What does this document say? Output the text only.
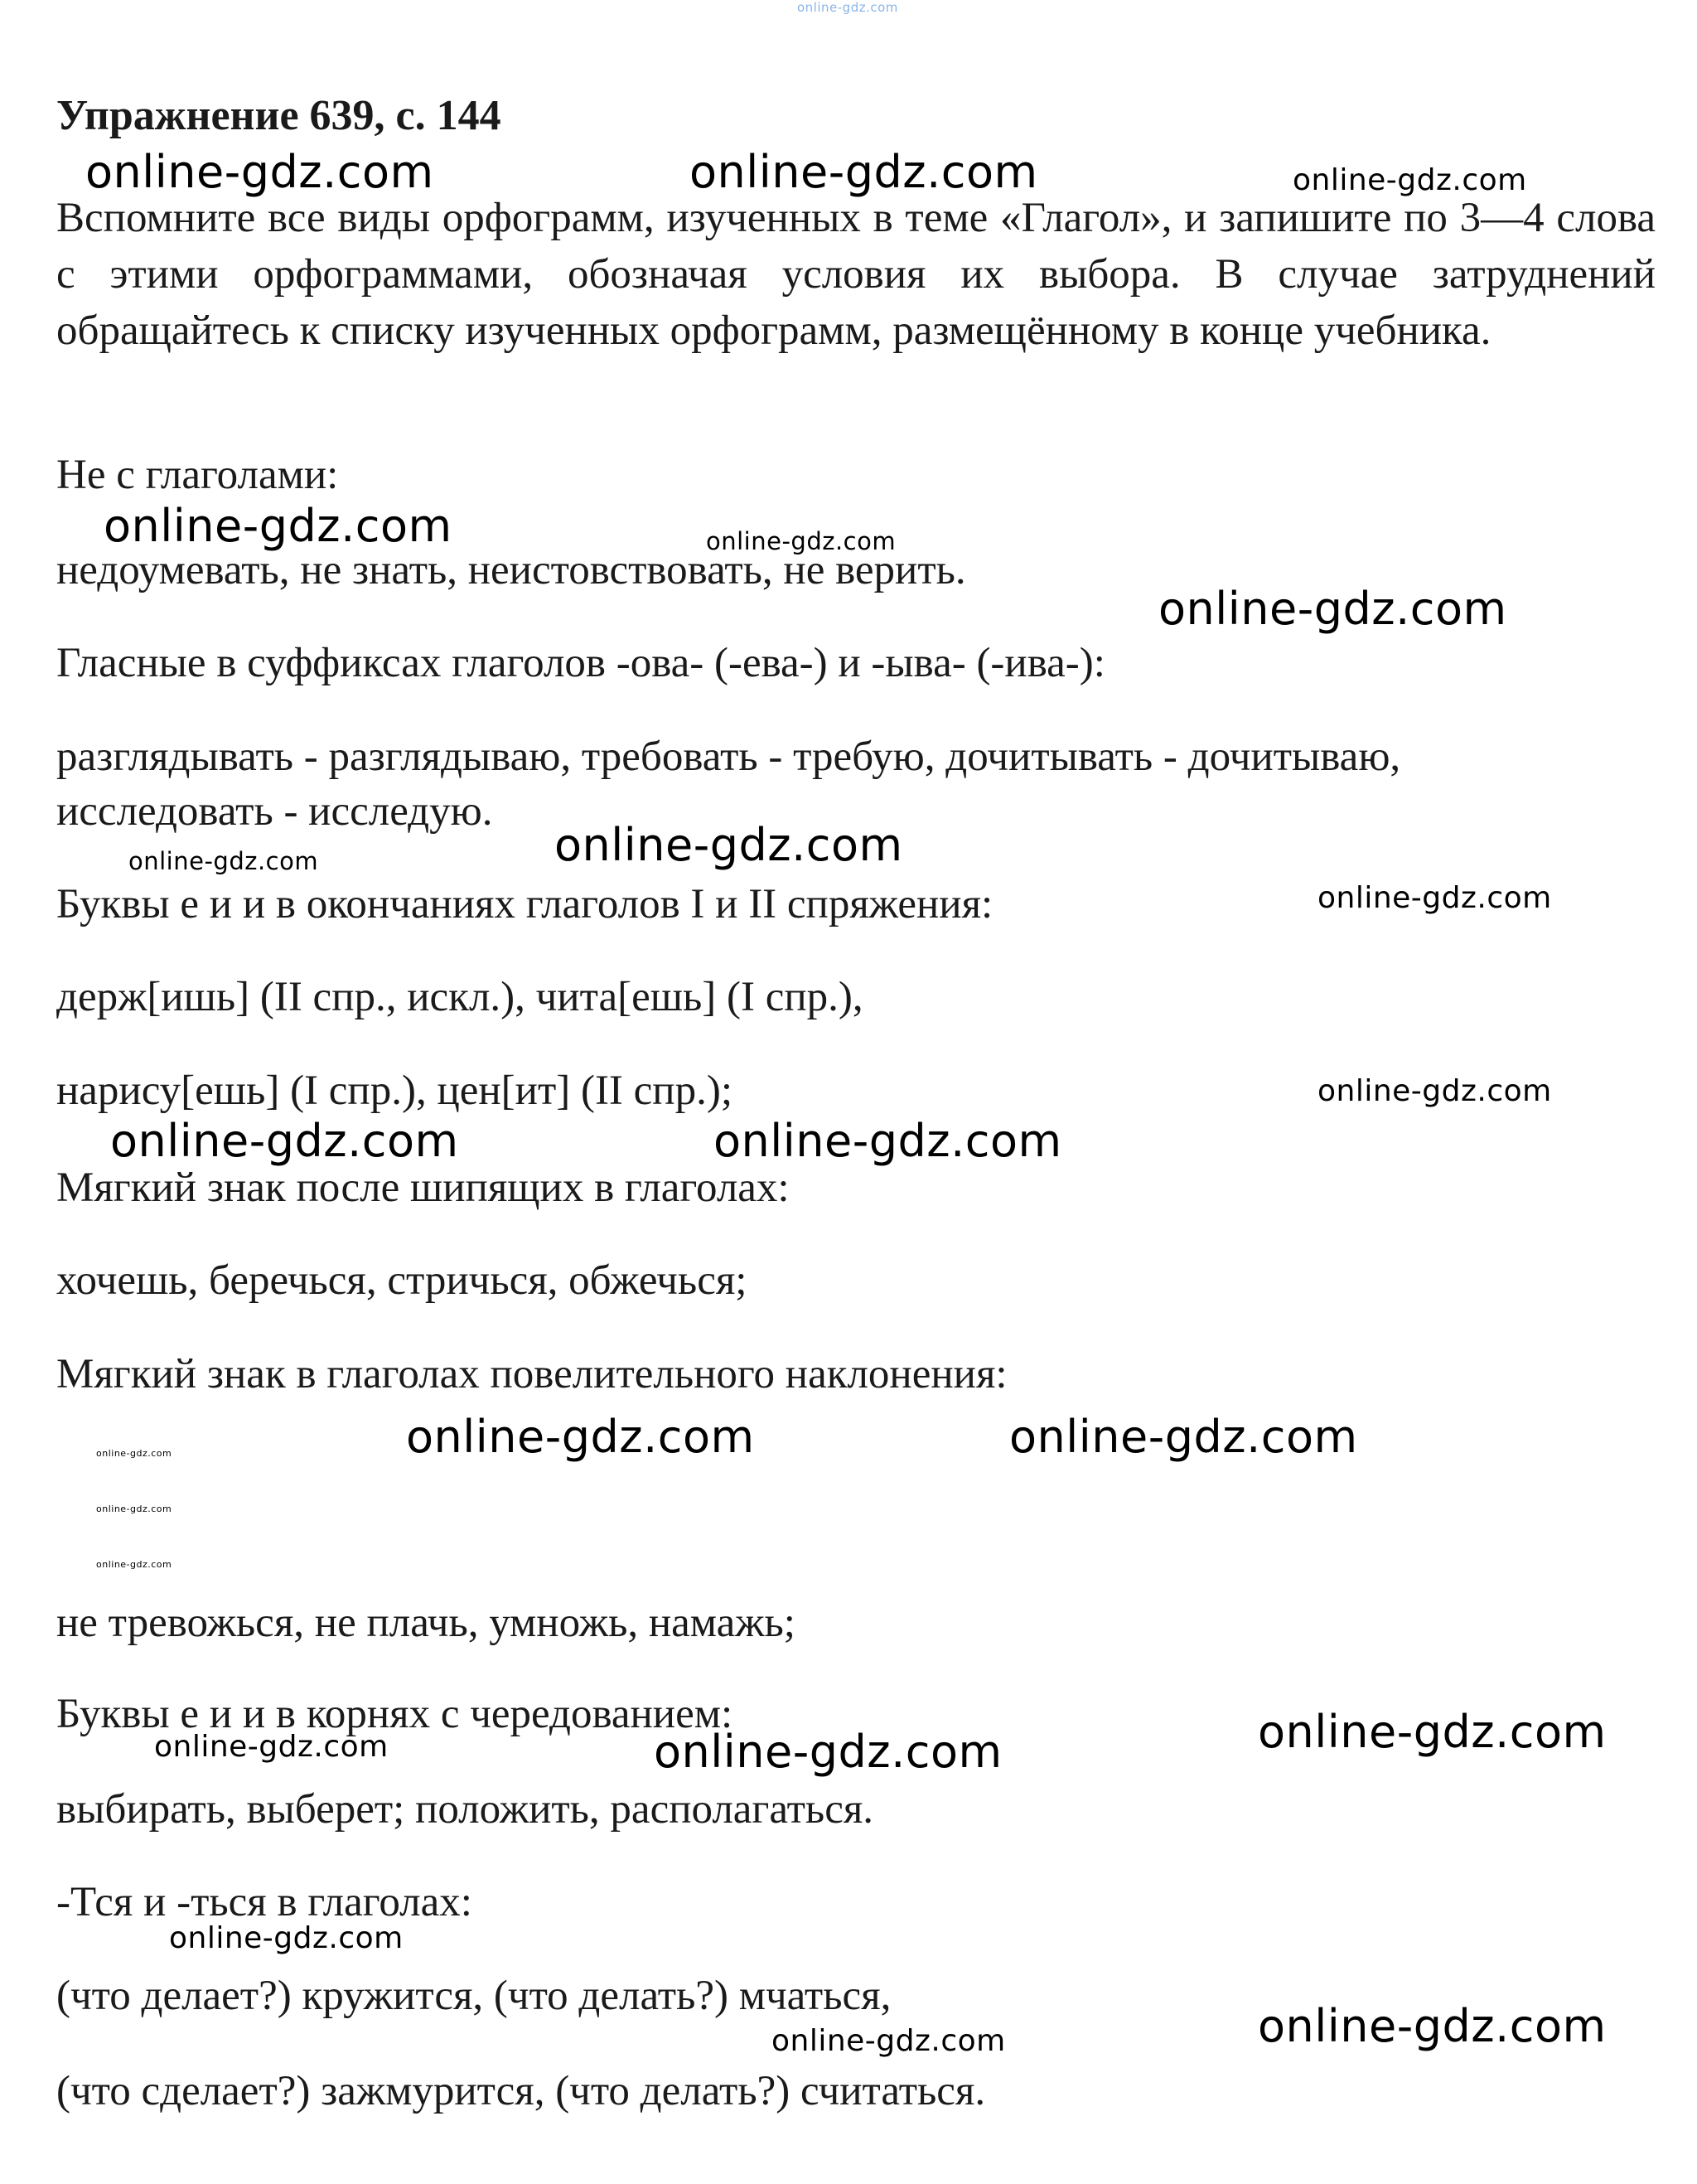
online-gdz.com
Упражнение 639, с. 144

Вспомните все виды орфограмм, изученных в теме «Глагол», и запишите по 3—4 слова с этими орфограммами, обозначая условия их выбора. В случае затруднений обращайтесь к списку изученных орфограмм, размещённому в конце учебника.

Не с глаголами:

недоумевать, не знать, неистовствовать, не верить.

Гласные в суффиксах глаголов -ова- (-ева-) и -ыва- (-ива-):

разглядывать - разглядываю, требовать - требую, дочитывать - дочитываю,

исследовать - исследую.

Буквы е и и в окончаниях глаголов I и II спряжения:

держ[ишь] (II спр., искл.), чита[ешь] (I спр.),

нарису[ешь] (I спр.), цен[ит] (II спр.);

Мягкий знак после шипящих в глаголах:

хочешь, беречься, стричься, обжечься;

Мягкий знак в глаголах повелительного наклонения:

не тревожься, не плачь, умножь, намажь;

Буквы е и и в корнях с чередованием:

выбирать, выберет; положить, располагаться.

-Тся и -ться в глаголах:

(что делает?) кружится, (что делать?) мчаться,

(что сделает?) зажмурится, (что делать?) считаться.

online-gdz.com	online-gdz.com	online-gdz.com
online-gdz.com	online-gdz.com
online-gdz.com
online-gdz.com	online-gdz.com
online-gdz.com
online-gdz.com
online-gdz.com	online-gdz.com
online-gdz.com	online-gdz.com
online-gdz.com
online-gdz.com
online-gdz.com
online-gdz.com	online-gdz.com	online-gdz.com
online-gdz.com
online-gdz.com	online-gdz.com
